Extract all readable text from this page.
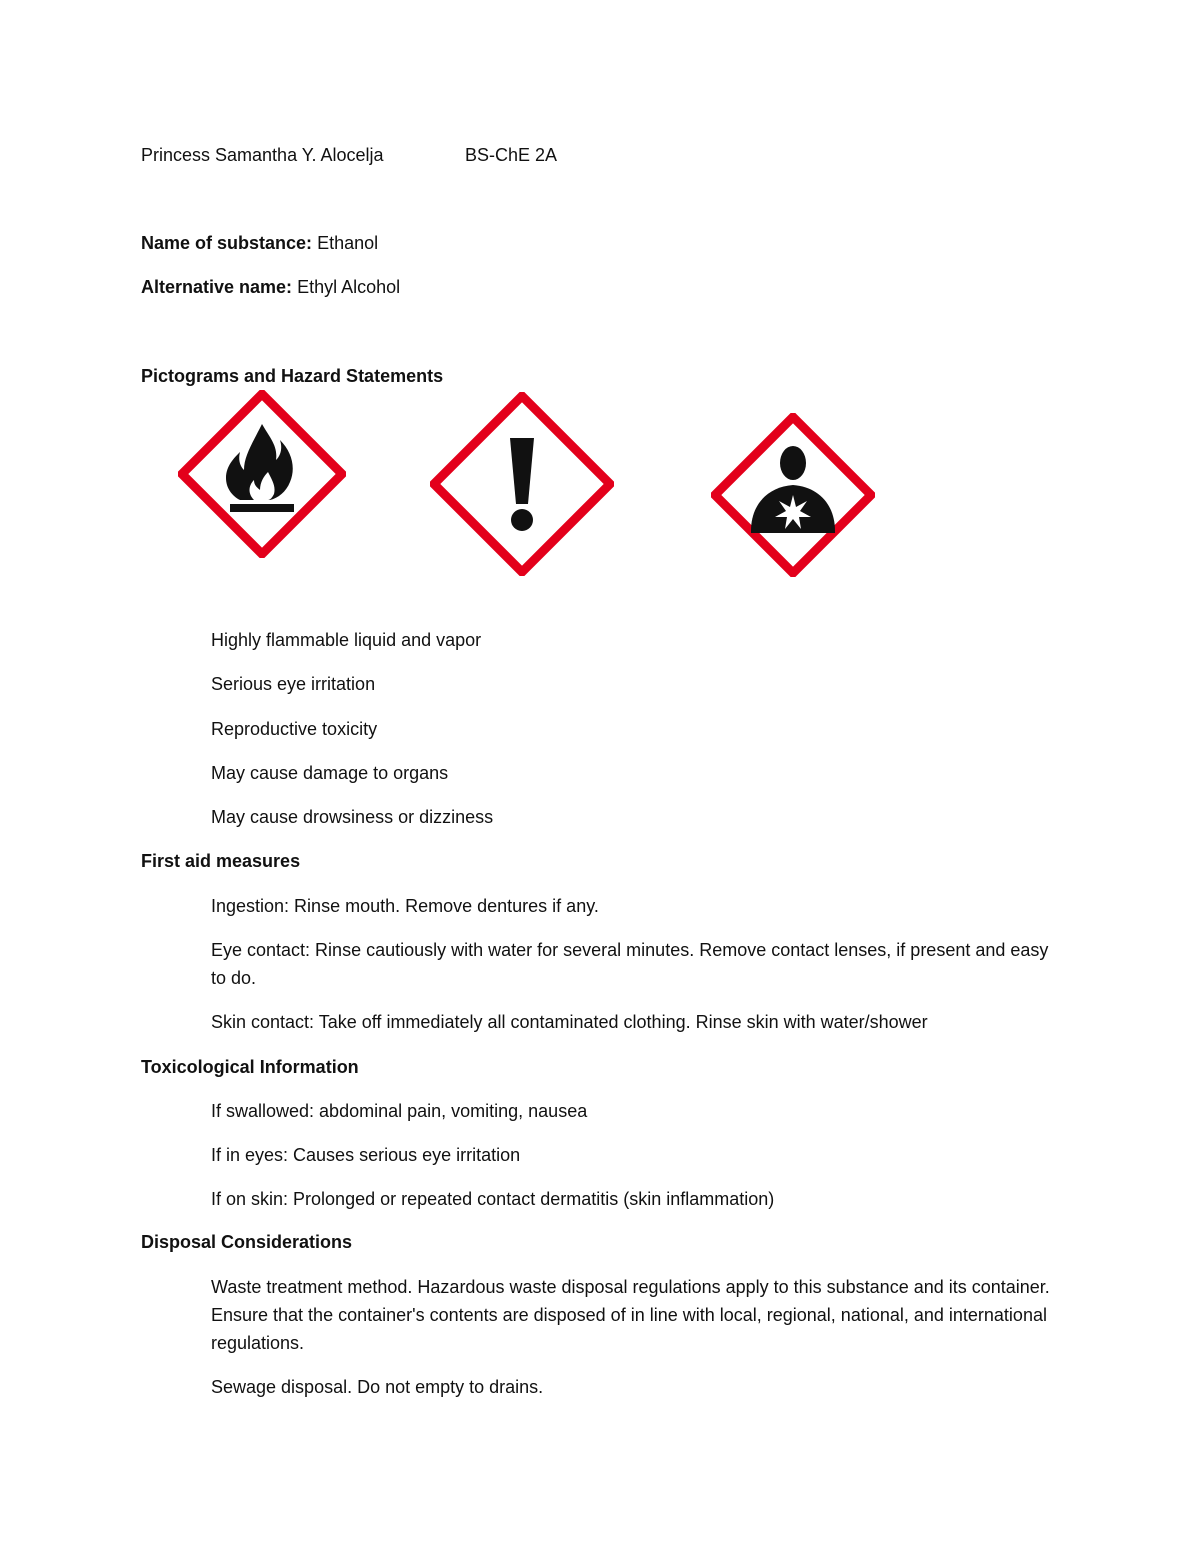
Princess Samantha Y. Alocelja	BS-ChE 2A
Name of substance: Ethanol
Alternative name: Ethyl Alcohol
Pictograms and Hazard Statements
Highly flammable liquid and vapor
Serious eye irritation
Reproductive toxicity
May cause damage to organs
May cause drowsiness or dizziness
First aid measures
Ingestion: Rinse mouth. Remove dentures if any.
Eye contact: Rinse cautiously with water for several minutes. Remove contact lenses, if present and easy to do.
Skin contact: Take off immediately all contaminated clothing. Rinse skin with water/shower
Toxicological Information
If swallowed: abdominal pain, vomiting, nausea
If in eyes: Causes serious eye irritation
If on skin: Prolonged or repeated contact dermatitis (skin inflammation)
Disposal Considerations
Waste treatment method. Hazardous waste disposal regulations apply to this substance and its container. Ensure that the container's contents are disposed of in line with local, regional, national, and international regulations.
Sewage disposal. Do not empty to drains.
